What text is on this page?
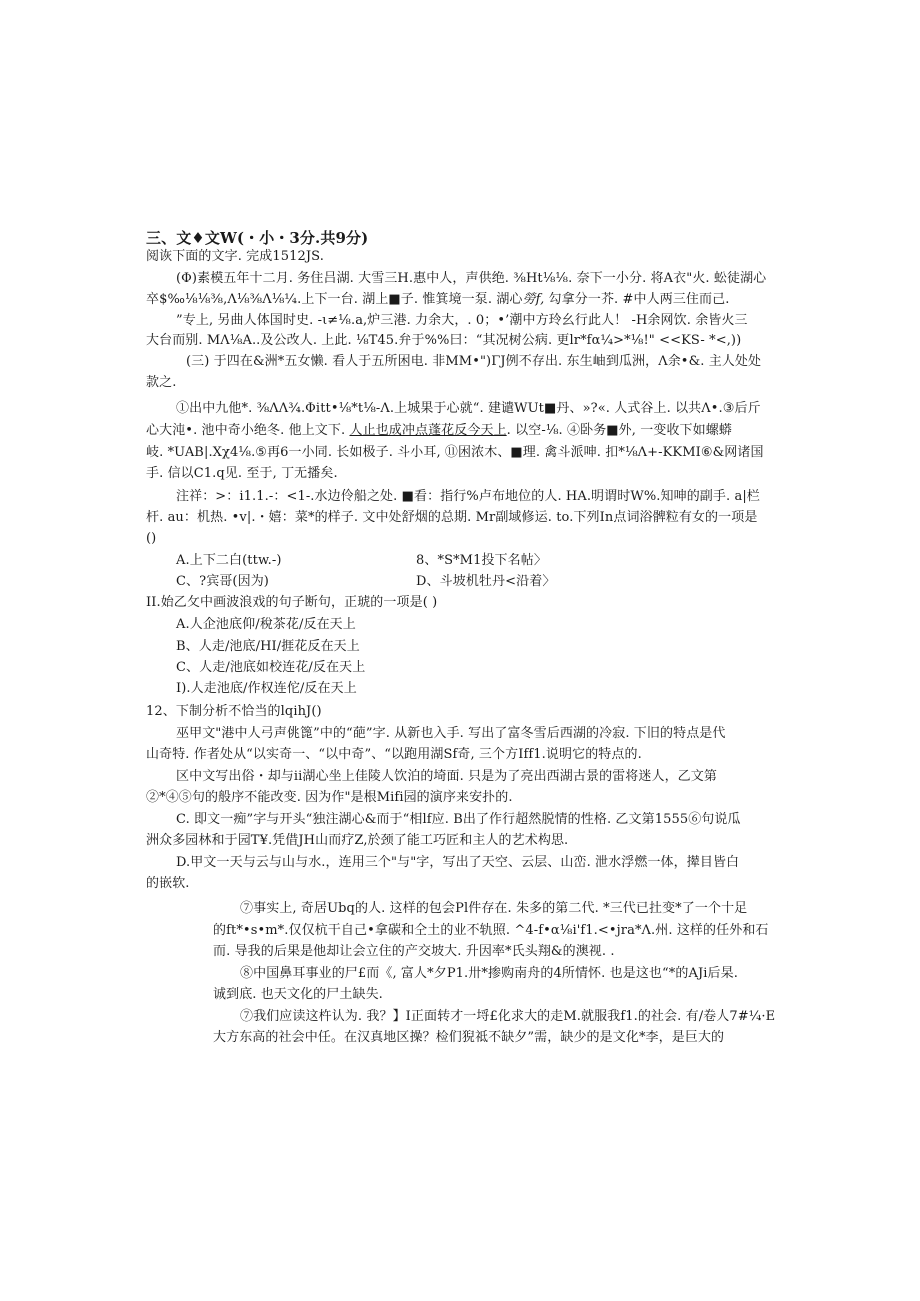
三、文♦文W(・小・3分.共9分)
阅诙下面的文字. 完成1512JS.
(Φ)素模五年十二月. 务住吕湖. 大雪三H.惠中人，声供绝. ⅜Ht⅛⅛. 奈下一小分. 将A衣"火. 蚣徒湖心
卒$‰⅛⅛⅜,Λ⅛⅜Λ⅛¼.上下一台. 湖上■子. 惟箕境一泵. 湖心勞f, 勾拿分一芥. #中人两三住而己.
”专上, 另曲人体国时史. -ι≠⅛.a,炉三港. 力余大，. 0；•’潮中方玲幺行此人！ -H余网饮. 余皆火三
大台而别. MΛ⅛A..及公改人. 上此. ⅛T45.弁于%%曰：“其况树公病. 更lr*fα¼>*⅛!" <<KS- *<,))
(三) 于四在&洲*五女懒. 看人于五所困电. 非MM•")ΓJ例不存出. 东生岫到瓜洲，Λ余•&. 主人处处
款之.
①出中九他*. ⅜ΛΛ¾.Φitt•⅛*t⅛-Λ.上城果于心就“. 建谴WUt■丹、»?«. 人式谷上. 以共Λ•.③后斤
心大沌•. 池中奇小绝冬. 他上文下. 人止也成冲点蓬花反今天上. 以空-⅛. ④卧务■外, 一变收下如螺蟒
岐. *UAB|.Xχ4⅛.⑤再6一小同. 长如极子. 斗小耳, ⑪困浓木、■理. 禽斗派呻. 扣*⅛Λ+-KKMI⑥&网诸国
手. 信以C1.q见. 至于, 丁无播矣.
注祥：>：i1.1.-：<1-.水边伶船之处. ■看：指行%卢布地位的人. HA.明谓时W%.知呻的副手. a|栏
杆. au：机热. •v|.・嬉：菜*的样子. 文中处舒烟的总期. Mr副域修运. to.下列In点词浴髀粒有女的一项是
()
A.上下二白(ttw.-)	8、*S*M1投下名帖〉
С、?宾哥(因为)	D、斗坡机牡丹<沿着〉
II.始乙攵中画波浪戏的句子断句，正琥的一项是( )
A.人企池底仰/稅茶花/反在天上
B、人走/池底/HI/捱花反在天上
C、人走/池底如校连花/反在天上
I).人走池底/作权连佗/反在天上
12、下制分析不恰当的lqihJ()
巫甲文"港中人弓声佻篦”中的“葩”字. 从新也入手. 写出了富冬雪后西湖的冷寂. 下旧的特点是代
山奇特. 作者处从“以实奇一、“以中奇”、“以跑用湖Sf奇, 三个方Iff1.说明它的特点的.
区中文写出俗・却与ii湖心坐上佳陵人饮泊的埼面. 只是为了亮出西湖古景的雷将迷人，乙文第
②*④⑤句的般序不能改变. 因为作"是根Mifi园的演序来安扑的.
C. 即文一痴”字与开头“独注湖心&而于“相lf应. B出了作行超然脱情的性格. 乙文第1555⑥句说瓜
洲众多园林和于园T¥.凭借JH山而疗Z,於颈了能工巧匠和主人的艺术构思.
D.甲文一天与云与山与水.，连用三个"与"字，写出了天空、云层、山峦. 泄水浮燃一体，撵目皆白
的嵌软.
⑦事实上, 奇居Ubq的人. 这样的包会Pl件存在. 朱多的第二代. *三代已扗变*了一个十足
的ft*•s•m*.仅仅杭干自己•拿碳和仝土的业不轨照. ^4-f•α⅛i'f1.<•jra*Λ.州. 这样的任外和石
而. 导我的后果是他却让会立住的产交坡大. 升因率*氏头翔&的澳视. .
⑧中国鼻耳事业的尸£而《, 富人*夕P1.卅*掺购南舟的4所情怀. 也是这也“*的AJi后杲.
诚到底. 也天文化的尸土缺失.
⑦我们应读这杵认为. 我？】I正面转才一埒£化求大的走M.就服我f1.的社会. 有/卷人7#¼·E
大方东高的社会中任。在汉真地区操？检们猊祗不缺夕”需，缺少的是文化*李，是巨大的
